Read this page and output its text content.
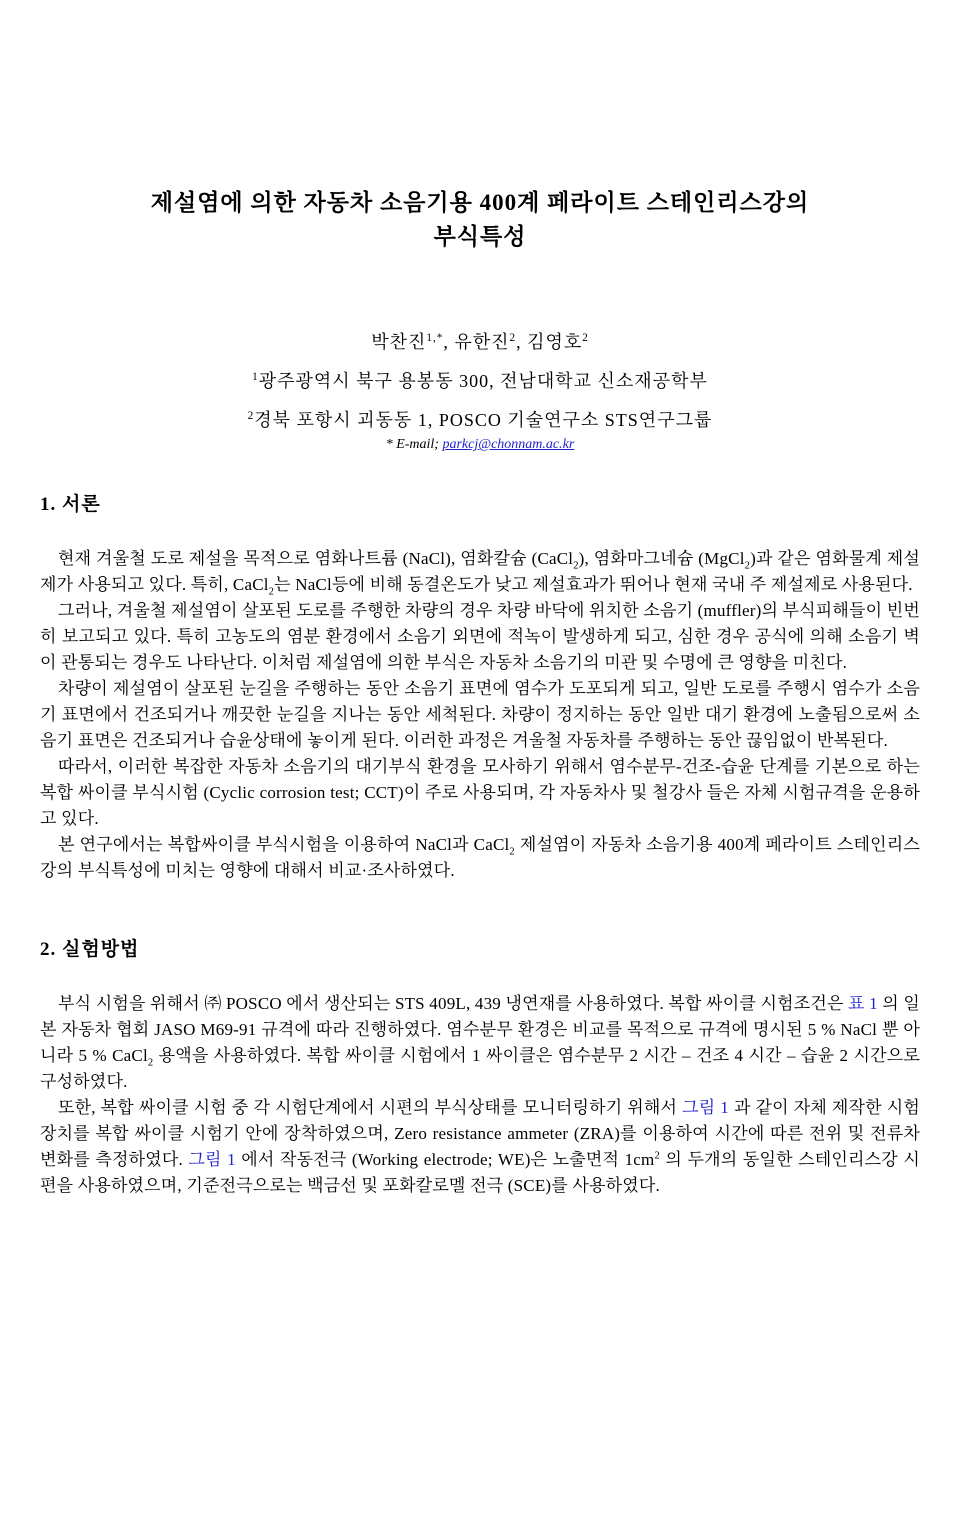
제설염에 의한 자동차 소음기용 400계 페라이트 스테인리스강의
부식특성
박찬진$^{1,*}$, 유한진$^2$, 김영호$^2$
$^1$광주광역시 북구 용봉동 300, 전남대학교 신소재공학부
$^2$경북 포항시 괴동동 1, POSCO 기술연구소 STS연구그룹
* E-mail; parkcj@chonnam.ac.kr
1. 서론

현재 겨울철 도로 제설을 목적으로 염화나트륨 (NaCl), 염화칼슘 (CaCl$_2$), 염화마그네슘 (MgCl$_2$)과 같은 염화물계 제설제가 사용되고 있다. 특히, CaCl$_2$는 NaCl등에 비해 동결온도가 낮고 제설효과가 뛰어나 현재 국내 주 제설제로 사용된다.

그러나, 겨울철 제설염이 살포된 도로를 주행한 차량의 경우 차량 바닥에 위치한 소음기 (muffler)의 부식피해들이 빈번히 보고되고 있다. 특히 고농도의 염분 환경에서 소음기 외면에 적녹이 발생하게 되고, 심한 경우 공식에 의해 소음기 벽이 관통되는 경우도 나타난다. 이처럼 제설염에 의한 부식은 자동차 소음기의 미관 및 수명에 큰 영향을 미친다.

차량이 제설염이 살포된 눈길을 주행하는 동안 소음기 표면에 염수가 도포되게 되고, 일반 도로를 주행시 염수가 소음기 표면에서 건조되거나 깨끗한 눈길을 지나는 동안 세척된다. 차량이 정지하는 동안 일반 대기 환경에 노출됨으로써 소음기 표면은 건조되거나 습윤상태에 놓이게 된다. 이러한 과정은 겨울철 자동차를 주행하는 동안 끊임없이 반복된다.

따라서, 이러한 복잡한 자동차 소음기의 대기부식 환경을 모사하기 위해서 염수분무-건조-습윤 단계를 기본으로 하는 복합 싸이클 부식시험 (Cyclic corrosion test; CCT)이 주로 사용되며, 각 자동차사 및 철강사 들은 자체 시험규격을 운용하고 있다.

본 연구에서는 복합싸이클 부식시험을 이용하여 NaCl과 CaCl$_2$ 제설염이 자동차 소음기용 400계 페라이트 스테인리스강의 부식특성에 미치는 영향에 대해서 비교·조사하였다.

2. 실험방법

부식 시험을 위해서 ㈜ POSCO 에서 생산되는 STS 409L, 439 냉연재를 사용하였다. 복합 싸이클 시험조건은 표 1 의 일본 자동차 협회 JASO M69-91 규격에 따라 진행하였다. 염수분무 환경은 비교를 목적으로 규격에 명시된 5 % NaCl 뿐 아니라 5 % CaCl$_2$ 용액을 사용하였다. 복합 싸이클 시험에서 1 싸이클은 염수분무 2 시간 – 건조 4 시간 – 습윤 2 시간으로 구성하였다.

또한, 복합 싸이클 시험 중 각 시험단계에서 시편의 부식상태를 모니터링하기 위해서 그림 1 과 같이 자체 제작한 시험장치를 복합 싸이클 시험기 안에 장착하였으며, Zero resistance ammeter (ZRA)를 이용하여 시간에 따른 전위 및 전류차 변화를 측정하였다. 그림 1 에서 작동전극 (Working electrode; WE)은 노출면적 $1cm^2$ 의 두개의 동일한 스테인리스강 시편을 사용하였으며, 기준전극으로는 백금선 및 포화칼로멜 전극 (SCE)를 사용하였다.
